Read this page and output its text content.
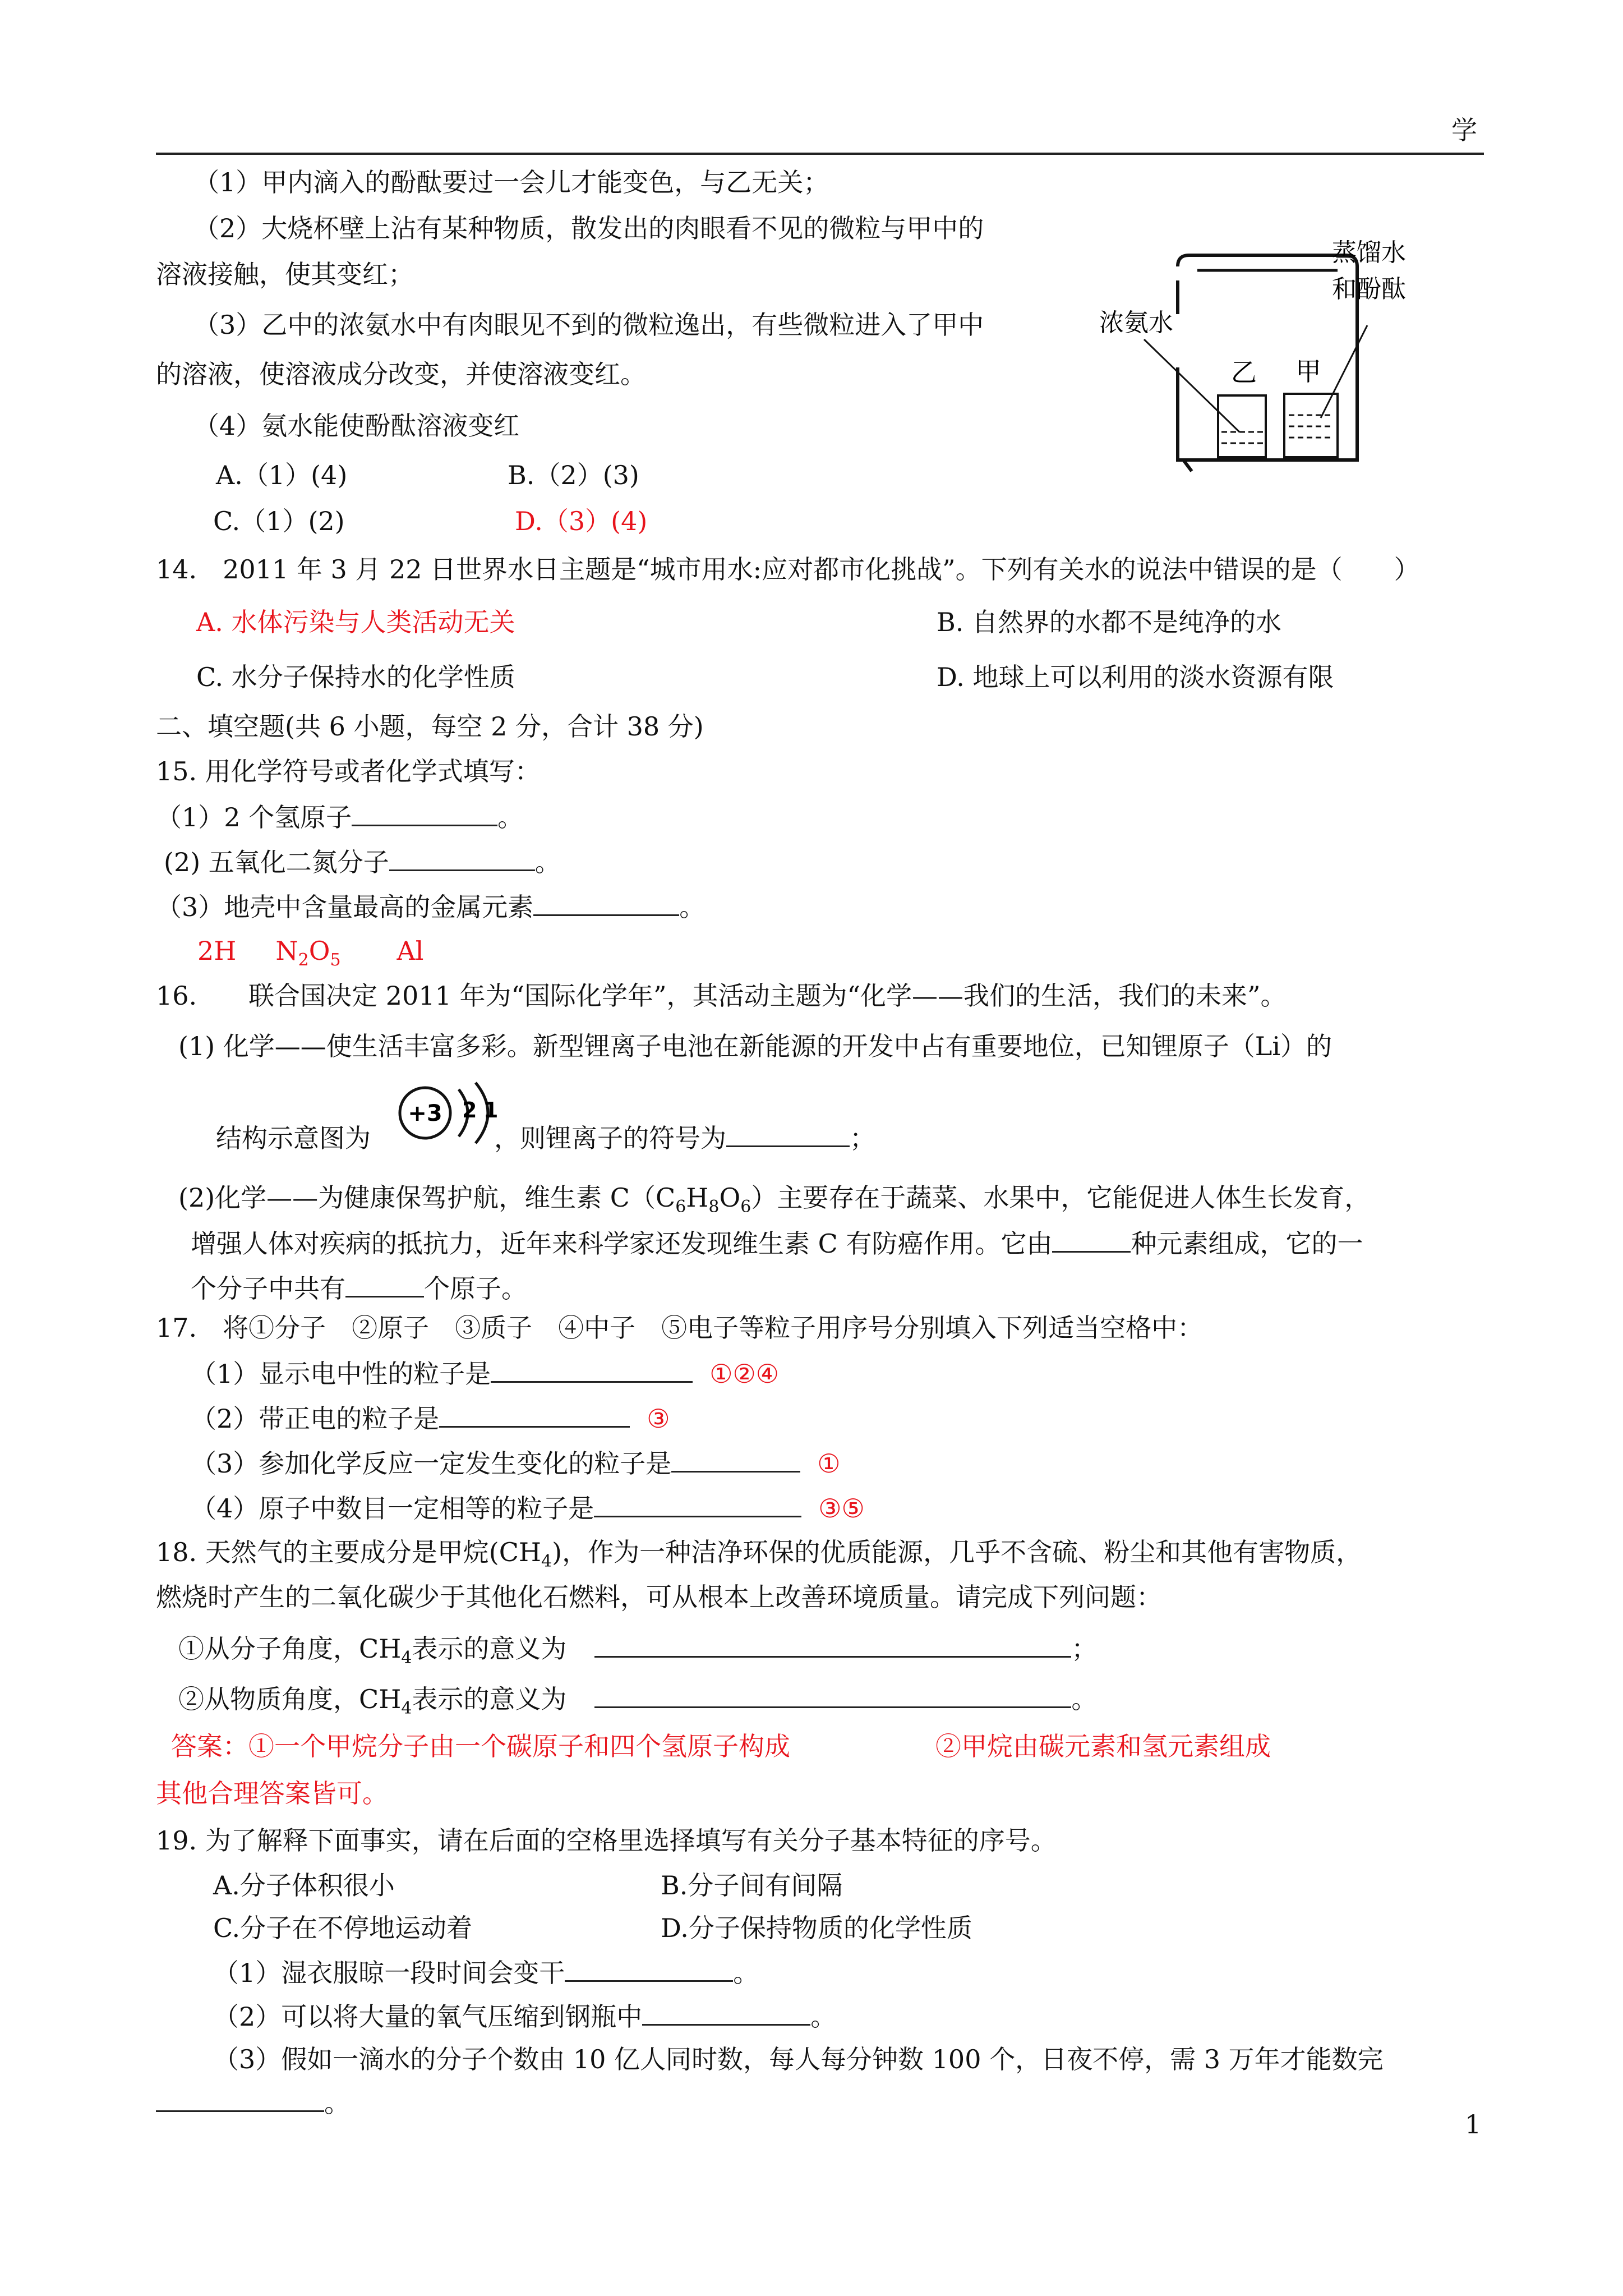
学
（1）甲内滴入的酚酞要过一会儿才能变色，与乙无关；
（2）大烧杯壁上沾有某种物质，散发出的肉眼看不见的微粒与甲中的
溶液接触，使其变红；
（3）乙中的浓氨水中有肉眼见不到的微粒逸出，有些微粒进入了甲中
的溶液，使溶液成分改变，并使溶液变红。
（4）氨水能使酚酞溶液变红
A.（1）(4)	B.（2）(3)
C.（1）(2)	D.（3）(4)
浓氨水
蒸馏水
和酚酞
乙 甲
14.　2011 年 3 月 22 日世界水日主题是“城市用水:应对都市化挑战”。下列有关水的说法中错误的是（　　）
A. 水体污染与人类活动无关	B. 自然界的水都不是纯净的水
C. 水分子保持水的化学性质	D. 地球上可以利用的淡水资源有限
二、填空题(共 6 小题，每空 2 分，合计 38 分)
15. 用化学符号或者化学式填写：
（1）2 个氢原子	。
(2) 五氧化二氮分子	。
（3）地壳中含量最高的金属元素	。
2H $N_2O_5$ Al
16.　　联合国决定 2011 年为“国际化学年”，其活动主题为“化学——我们的生活，我们的未来”。
(1) 化学——使生活丰富多彩。新型锂离子电池在新能源的开发中占有重要地位，已知锂原子（Li）的
结构示意图为	，则锂离子的符号为	；
+3 2 1
(2)化学——为健康保驾护航，维生素 $C(C_6H_8O_6)$主要存在于蔬菜、水果中，它能促进人体生长发育，
增强人体对疾病的抵抗力，近年来科学家还发现维生素 C 有防癌作用。它由	种元素组成，它的一
个分子中共有	个原子。
17.　将①分子　②原子　③质子　④中子　⑤电子等粒子用序号分别填入下列适当空格中：
（1）显示电中性的粒子是	①②④
（2）带正电的粒子是	③
（3）参加化学反应一定发生变化的粒子是	①
（4）原子中数目一定相等的粒子是	③⑤
18. 天然气的主要成分是甲烷$(CH_4)$，作为一种洁净环保的优质能源，几乎不含硫、粉尘和其他有害物质，
燃烧时产生的二氧化碳少于其他化石燃料，可从根本上改善环境质量。请完成下列问题：
①从分子角度，$CH_4$表示的意义为	；
②从物质角度，$CH_4$表示的意义为	。
答案：①一个甲烷分子由一个碳原子和四个氢原子构成	②甲烷由碳元素和氢元素组成
其他合理答案皆可。
19. 为了解释下面事实，请在后面的空格里选择填写有关分子基本特征的序号。
A.分子体积很小	B.分子间有间隔
C.分子在不停地运动着	D.分子保持物质的化学性质
（1）湿衣服晾一段时间会变干	。
（2）可以将大量的氧气压缩到钢瓶中	。
（3）假如一滴水的分子个数由 10 亿人同时数，每人每分钟数 100 个，日夜不停，需 3 万年才能数完
。
1
